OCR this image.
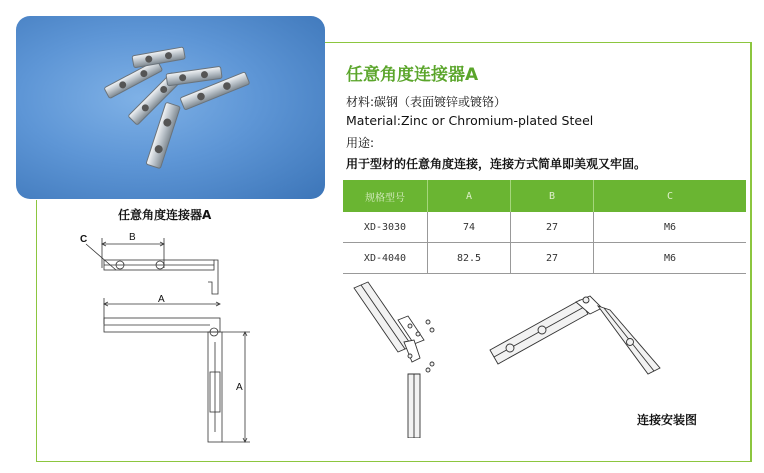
任意角度连接器A
任意角度连接器A
材料:碳钢（表面镀锌或镀铬）
Material:Zinc or Chromium-plated Steel
用途:
用于型材的任意角度连接，连接方式简单即美观又牢固。
规格型号	A	B	C
XD-3030	74	27	M6
XD-4040	82.5	27	M6
C	B
A
A
连接安装图
